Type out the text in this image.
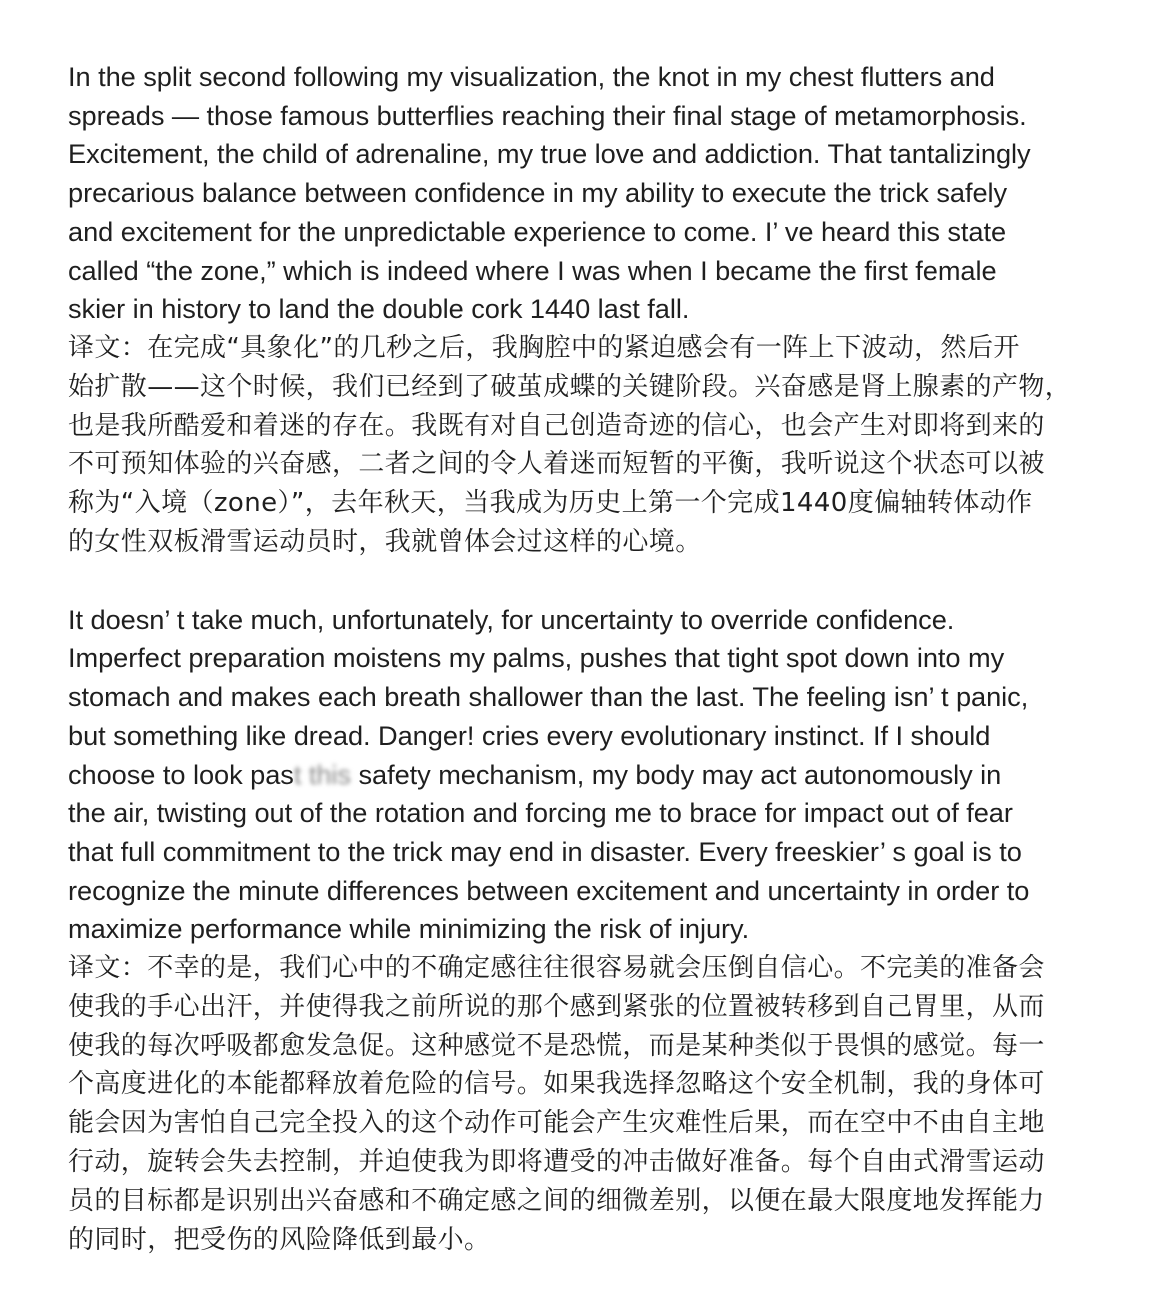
In the split second following my visualization, the knot in my chest flutters and
spreads — those famous butterflies reaching their final stage of metamorphosis.
Excitement, the child of adrenaline, my true love and addiction. That tantalizingly
precarious balance between confidence in my ability to execute the trick safely
and excitement for the unpredictable experience to come. I’ ve heard this state
called “the zone,” which is indeed where I was when I became the first female
skier in history to land the double cork 1440 last fall.

译文：在完成“具象化”的几秒之后，我胸腔中的紧迫感会有一阵上下波动，然后开
始扩散——这个时候，我们已经到了破茧成蝶的关键阶段。兴奋感是肾上腺素的产物，
也是我所酷爱和着迷的存在。我既有对自己创造奇迹的信心，也会产生对即将到来的
不可预知体验的兴奋感，二者之间的令人着迷而短暂的平衡，我听说这个状态可以被
称为“入境（zone）”，去年秋天，当我成为历史上第一个完成1440度偏轴转体动作
的女性双板滑雪运动员时，我就曾体会过这样的心境。

It doesn’ t take much, unfortunately, for uncertainty to override confidence.
Imperfect preparation moistens my palms, pushes that tight spot down into my
stomach and makes each breath shallower than the last. The feeling isn’ t panic,
but something like dread. Danger! cries every evolutionary instinct. If I should
choose to look past this safety mechanism, my body may act autonomously in
the air, twisting out of the rotation and forcing me to brace for impact out of fear
that full commitment to the trick may end in disaster. Every freeskier’ s goal is to
recognize the minute differences between excitement and uncertainty in order to
maximize performance while minimizing the risk of injury.

译文：不幸的是，我们心中的不确定感往往很容易就会压倒自信心。不完美的准备会
使我的手心出汗，并使得我之前所说的那个感到紧张的位置被转移到自己胃里，从而
使我的每次呼吸都愈发急促。这种感觉不是恐慌，而是某种类似于畏惧的感觉。每一
个高度进化的本能都释放着危险的信号。如果我选择忽略这个安全机制，我的身体可
能会因为害怕自己完全投入的这个动作可能会产生灾难性后果，而在空中不由自主地
行动，旋转会失去控制，并迫使我为即将遭受的冲击做好准备。每个自由式滑雪运动
员的目标都是识别出兴奋感和不确定感之间的细微差别，以便在最大限度地发挥能力
的同时，把受伤的风险降低到最小。
